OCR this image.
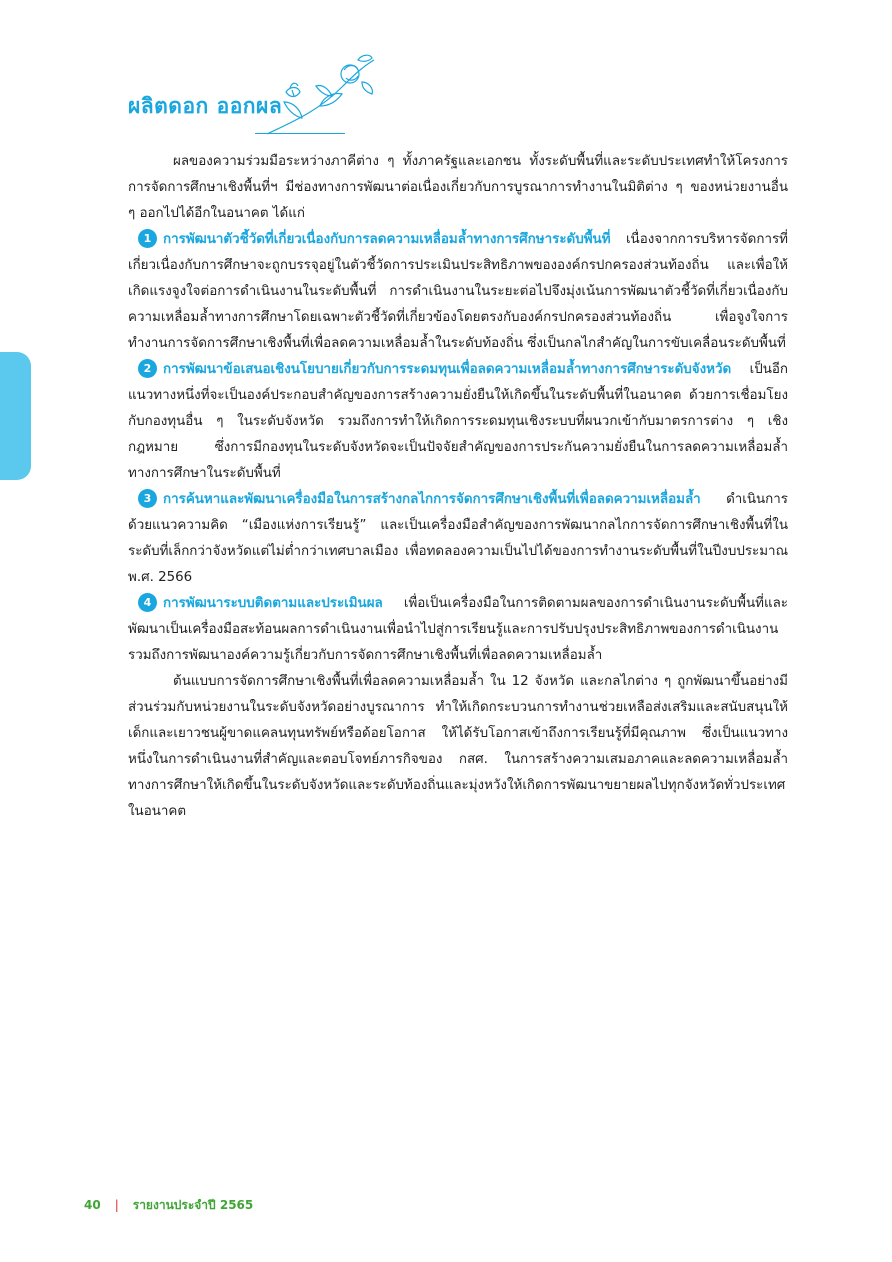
ผลิตดอก ออกผล

ผลของความร่วมมือระหว่างภาคีต่าง ๆ ทั้งภาครัฐและเอกชน ทั้งระดับพื้นที่และระดับประเทศทำให้โครงการการจัดการศึกษาเชิงพื้นที่ฯ มีช่องทางการพัฒนาต่อเนื่องเกี่ยวกับการบูรณาการทำงานในมิติต่าง ๆ ของหน่วยงานอื่น ๆ ออกไปได้อีกในอนาคต ได้แก่

1 การพัฒนาตัวชี้วัดที่เกี่ยวเนื่องกับการลดความเหลื่อมล้ำทางการศึกษาระดับพื้นที่ เนื่องจากการบริหารจัดการที่เกี่ยวเนื่องกับการศึกษาจะถูกบรรจุอยู่ในตัวชี้วัดการประเมินประสิทธิภาพขององค์กรปกครองส่วนท้องถิ่น และเพื่อให้เกิดแรงจูงใจต่อการดำเนินงานในระดับพื้นที่ การดำเนินงานในระยะต่อไปจึงมุ่งเน้นการพัฒนาตัวชี้วัดที่เกี่ยวเนื่องกับความเหลื่อมล้ำทางการศึกษาโดยเฉพาะตัวชี้วัดที่เกี่ยวข้องโดยตรงกับองค์กรปกครองส่วนท้องถิ่น เพื่อจูงใจการทำงานการจัดการศึกษาเชิงพื้นที่เพื่อลดความเหลื่อมล้ำในระดับท้องถิ่น ซึ่งเป็นกลไกสำคัญในการขับเคลื่อนระดับพื้นที่

2 การพัฒนาข้อเสนอเชิงนโยบายเกี่ยวกับการระดมทุนเพื่อลดความเหลื่อมล้ำทางการศึกษาระดับจังหวัด เป็นอีกแนวทางหนึ่งที่จะเป็นองค์ประกอบสำคัญของการสร้างความยั่งยืนให้เกิดขึ้นในระดับพื้นที่ในอนาคต ด้วยการเชื่อมโยงกับกองทุนอื่น ๆ ในระดับจังหวัด รวมถึงการทำให้เกิดการระดมทุนเชิงระบบที่ผนวกเข้ากับมาตรการต่าง ๆ เชิงกฎหมาย ซึ่งการมีกองทุนในระดับจังหวัดจะเป็นปัจจัยสำคัญของการประกันความยั่งยืนในการลดความเหลื่อมล้ำทางการศึกษาในระดับพื้นที่

3 การค้นหาและพัฒนาเครื่องมือในการสร้างกลไกการจัดการศึกษาเชิงพื้นที่เพื่อลดความเหลื่อมล้ำ ดำเนินการด้วยแนวความคิด “เมืองแห่งการเรียนรู้” และเป็นเครื่องมือสำคัญของการพัฒนากลไกการจัดการศึกษาเชิงพื้นที่ในระดับที่เล็กกว่าจังหวัดแต่ไม่ต่ำกว่าเทศบาลเมือง เพื่อทดลองความเป็นไปได้ของการทำงานระดับพื้นที่ในปีงบประมาณ พ.ศ. 2566

4 การพัฒนาระบบติดตามและประเมินผล เพื่อเป็นเครื่องมือในการติดตามผลของการดำเนินงานระดับพื้นที่และพัฒนาเป็นเครื่องมือสะท้อนผลการดำเนินงานเพื่อนำไปสู่การเรียนรู้และการปรับปรุงประสิทธิภาพของการดำเนินงาน รวมถึงการพัฒนาองค์ความรู้เกี่ยวกับการจัดการศึกษาเชิงพื้นที่เพื่อลดความเหลื่อมล้ำ

ต้นแบบการจัดการศึกษาเชิงพื้นที่เพื่อลดความเหลื่อมล้ำ ใน 12 จังหวัด และกลไกต่าง ๆ ถูกพัฒนาขึ้นอย่างมีส่วนร่วมกับหน่วยงานในระดับจังหวัดอย่างบูรณาการ ทำให้เกิดกระบวนการทำงานช่วยเหลือส่งเสริมและสนับสนุนให้เด็กและเยาวชนผู้ขาดแคลนทุนทรัพย์หรือด้อยโอกาส ให้ได้รับโอกาสเข้าถึงการเรียนรู้ที่มีคุณภาพ ซึ่งเป็นแนวทางหนึ่งในการดำเนินงานที่สำคัญและตอบโจทย์ภารกิจของ กสศ. ในการสร้างความเสมอภาคและลดความเหลื่อมล้ำทางการศึกษาให้เกิดขึ้นในระดับจังหวัดและระดับท้องถิ่นและมุ่งหวังให้เกิดการพัฒนาขยายผลไปทุกจังหวัดทั่วประเทศในอนาคต

40 | รายงานประจำปี 2565
